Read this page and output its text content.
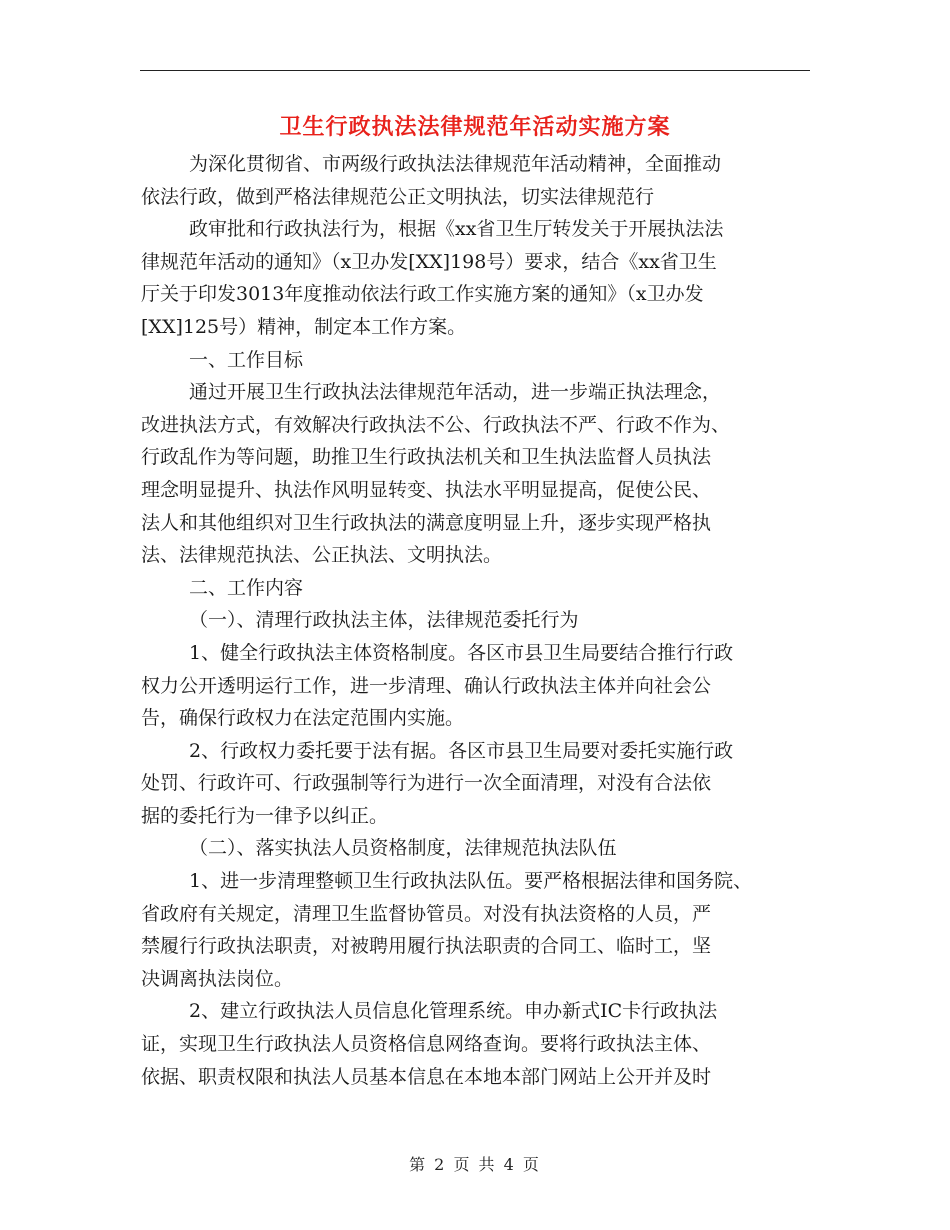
卫生行政执法法律规范年活动实施方案
为深化贯彻省、市两级行政执法法律规范年活动精神，全面推动
依法行政，做到严格法律规范公正文明执法，切实法律规范行
政审批和行政执法行为，根据《xx省卫生厅转发关于开展执法法
律规范年活动的通知》（x卫办发[XX]198号）要求，结合《xx省卫生
厅关于印发3013年度推动依法行政工作实施方案的通知》（x卫办发
[XX]125号）精神，制定本工作方案。
一、工作目标
通过开展卫生行政执法法律规范年活动，进一步端正执法理念，
改进执法方式，有效解决行政执法不公、行政执法不严、行政不作为、
行政乱作为等问题，助推卫生行政执法机关和卫生执法监督人员执法
理念明显提升、执法作风明显转变、执法水平明显提高，促使公民、
法人和其他组织对卫生行政执法的满意度明显上升，逐步实现严格执
法、法律规范执法、公正执法、文明执法。
二、工作内容
（一）、清理行政执法主体，法律规范委托行为
1、健全行政执法主体资格制度。各区市县卫生局要结合推行行政
权力公开透明运行工作，进一步清理、确认行政执法主体并向社会公
告，确保行政权力在法定范围内实施。
2、行政权力委托要于法有据。各区市县卫生局要对委托实施行政
处罚、行政许可、行政强制等行为进行一次全面清理，对没有合法依
据的委托行为一律予以纠正。
（二）、落实执法人员资格制度，法律规范执法队伍
1、进一步清理整顿卫生行政执法队伍。要严格根据法律和国务院、
省政府有关规定，清理卫生监督协管员。对没有执法资格的人员，严
禁履行行政执法职责，对被聘用履行执法职责的合同工、临时工，坚
决调离执法岗位。
2、建立行政执法人员信息化管理系统。申办新式IC卡行政执法
证，实现卫生行政执法人员资格信息网络查询。要将行政执法主体、
依据、职责权限和执法人员基本信息在本地本部门网站上公开并及时
第 2 页 共 4 页
